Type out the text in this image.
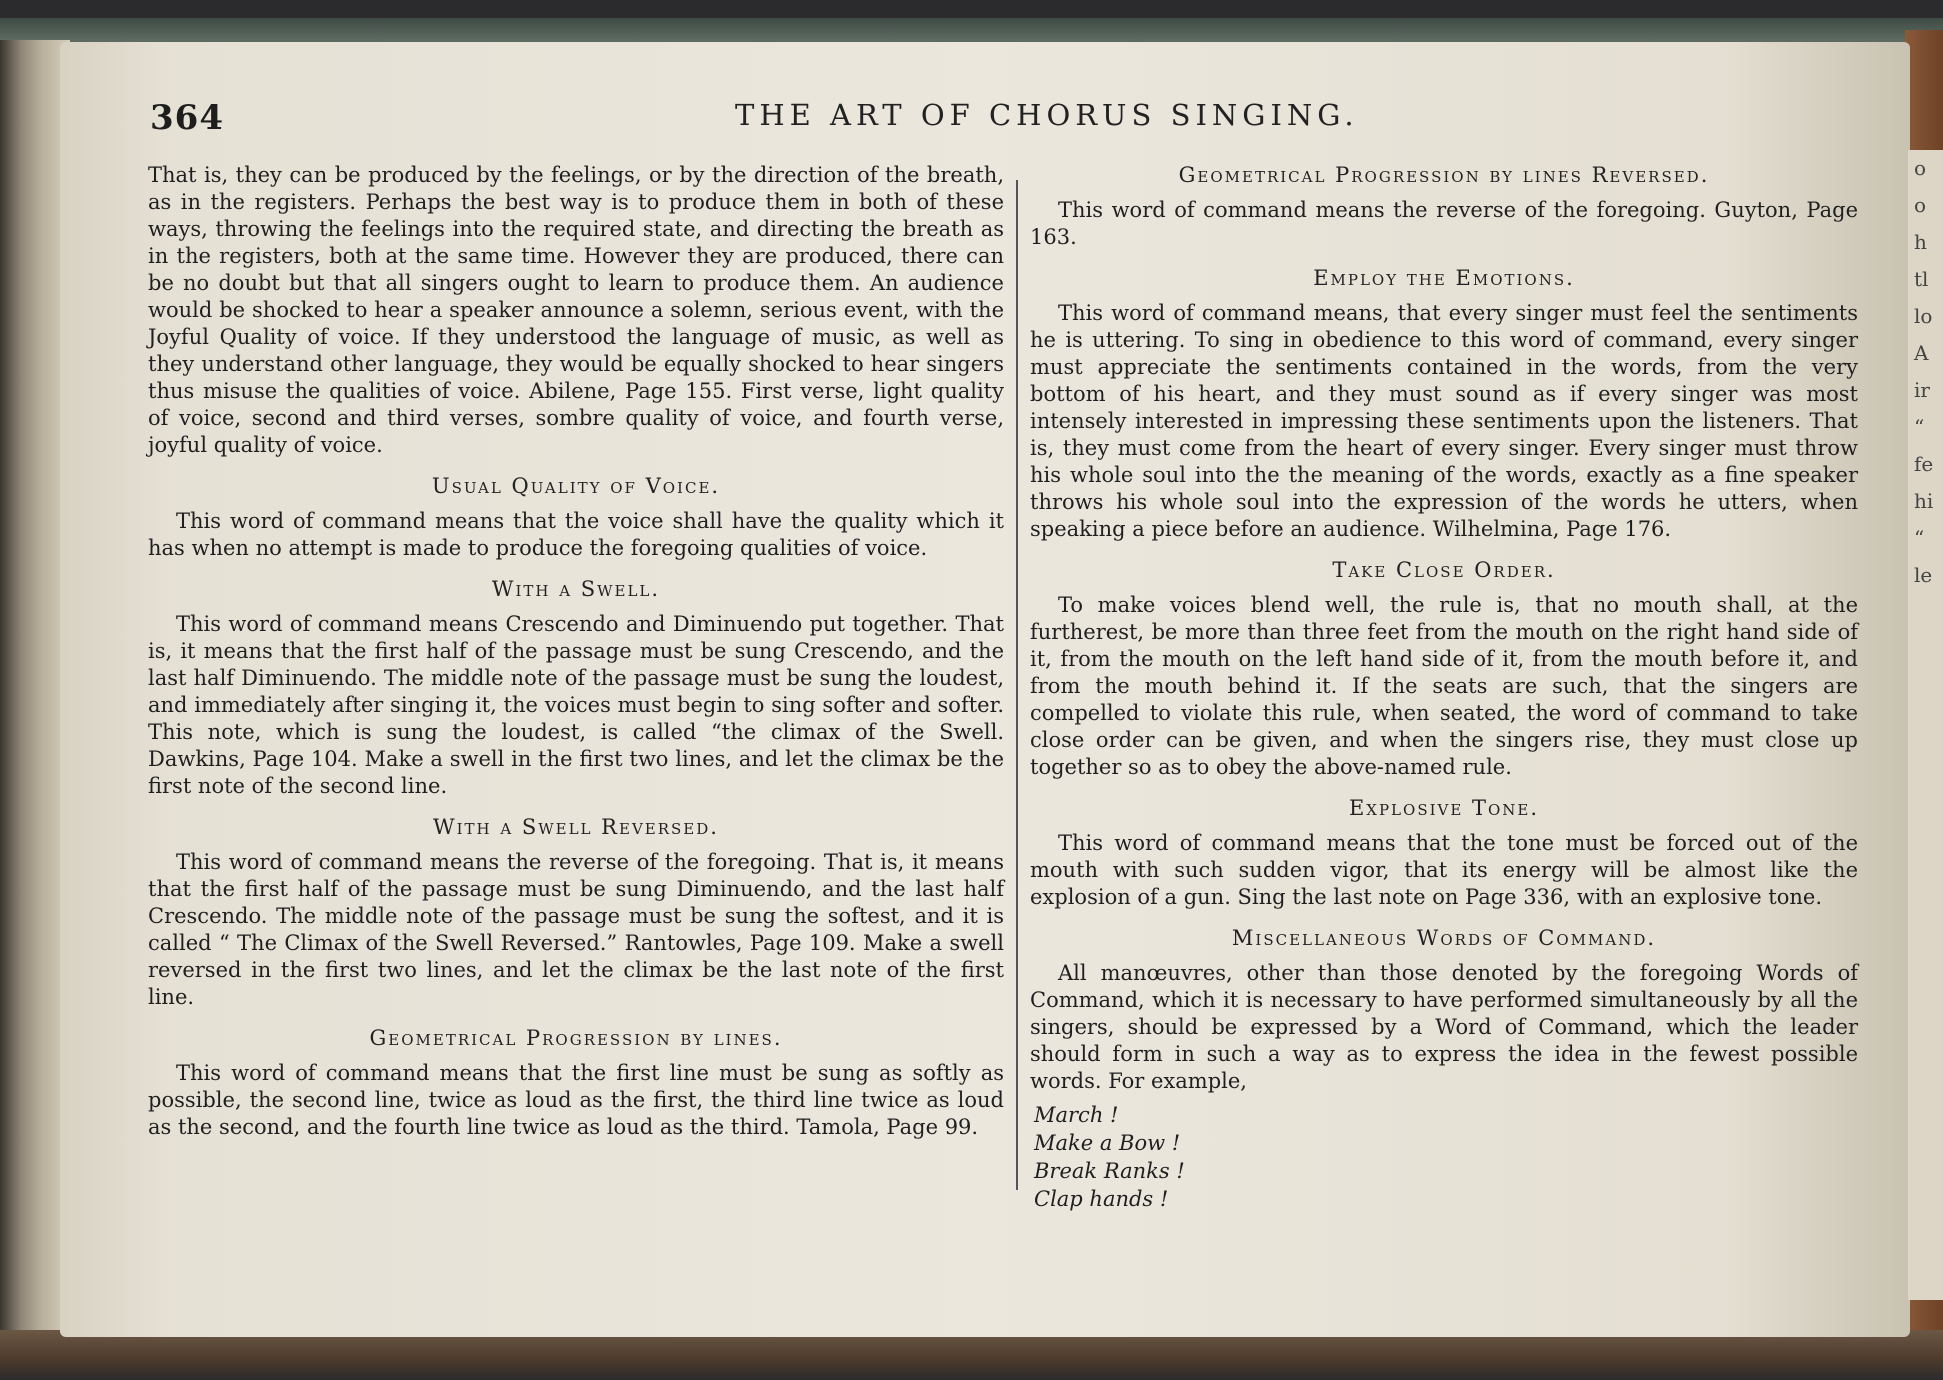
o
o
h
tl
lo
A
ir
“
fe
hi
“
le
364	THE ART OF CHORUS SINGING.

That is, they can be produced by the feelings, or by the direction of the breath, as in the registers. Perhaps the best way is to produce them in both of these ways, throwing the feelings into the required state, and directing the breath as in the registers, both at the same time. However they are produced, there can be no doubt but that all singers ought to learn to produce them. An audience would be shocked to hear a speaker announce a solemn, serious event, with the Joyful Quality of voice. If they understood the language of music, as well as they understand other language, they would be equally shocked to hear singers thus misuse the qualities of voice. Abilene, Page 155. First verse, light quality of voice, second and third verses, sombre quality of voice, and fourth verse, joyful quality of voice.

Usual Quality of Voice.

This word of command means that the voice shall have the quality which it has when no attempt is made to produce the foregoing qualities of voice.

With a Swell.

This word of command means Crescendo and Diminuendo put together. That is, it means that the first half of the passage must be sung Crescendo, and the last half Diminuendo. The middle note of the passage must be sung the loudest, and immediately after singing it, the voices must begin to sing softer and softer. This note, which is sung the loudest, is called “the climax of the Swell. Dawkins, Page 104. Make a swell in the first two lines, and let the climax be the first note of the second line.

With a Swell Reversed.

This word of command means the reverse of the foregoing. That is, it means that the first half of the passage must be sung Diminuendo, and the last half Crescendo. The middle note of the passage must be sung the softest, and it is called “ The Climax of the Swell Reversed.” Rantowles, Page 109. Make a swell reversed in the first two lines, and let the climax be the last note of the first line.

Geometrical Progression by lines.

This word of command means that the first line must be sung as softly as possible, the second line, twice as loud as the first, the third line twice as loud as the second, and the fourth line twice as loud as the third. Tamola, Page 99.

Geometrical Progression by lines Reversed.

This word of command means the reverse of the foregoing. Guyton, Page 163.

Employ the Emotions.

This word of command means, that every singer must feel the sentiments he is uttering. To sing in obedience to this word of command, every singer must appreciate the sentiments contained in the words, from the very bottom of his heart, and they must sound as if every singer was most intensely interested in impressing these sentiments upon the listeners. That is, they must come from the heart of every singer. Every singer must throw his whole soul into the the meaning of the words, exactly as a fine speaker throws his whole soul into the expression of the words he utters, when speaking a piece before an audience. Wilhelmina, Page 176.

Take Close Order.

To make voices blend well, the rule is, that no mouth shall, at the furtherest, be more than three feet from the mouth on the right hand side of it, from the mouth on the left hand side of it, from the mouth before it, and from the mouth behind it. If the seats are such, that the singers are compelled to violate this rule, when seated, the word of command to take close order can be given, and when the singers rise, they must close up together so as to obey the above-named rule.

Explosive Tone.

This word of command means that the tone must be forced out of the mouth with such sudden vigor, that its energy will be almost like the explosion of a gun. Sing the last note on Page 336, with an explosive tone.

Miscellaneous Words of Command.

All manœuvres, other than those denoted by the foregoing Words of Command, which it is necessary to have performed simultaneously by all the singers, should be expressed by a Word of Command, which the leader should form in such a way as to express the idea in the fewest possible words. For example,

March !
Make a Bow !
Break Ranks !
Clap hands !
